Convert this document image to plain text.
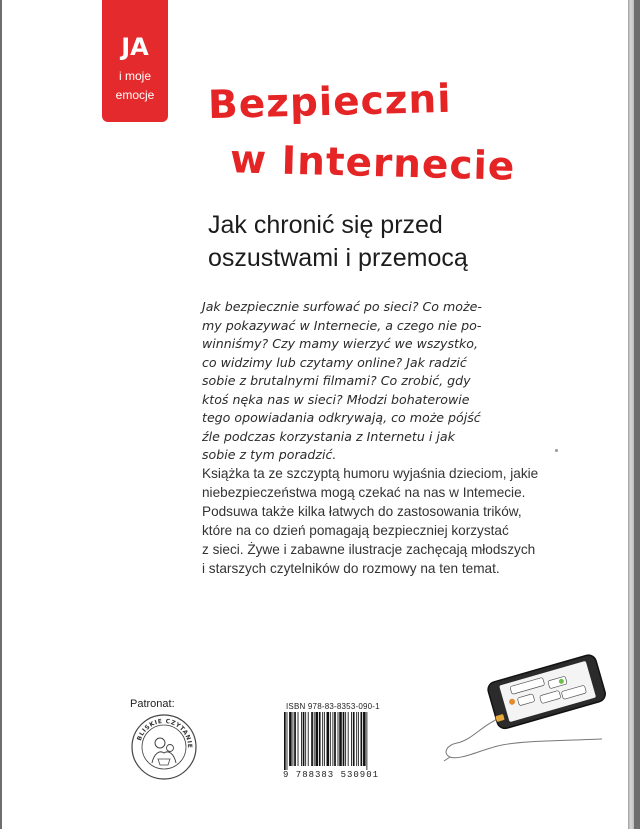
JA
i moje
emocje	Bezpieczni
w Internecie
Jak chronić się przed
oszustwami i przemocą
Jak bezpiecznie surfować po sieci? Co może-
my pokazywać w Internecie, a czego nie po-
winniśmy? Czy mamy wierzyć we wszystko,
co widzimy lub czytamy online? Jak radzić
sobie z brutalnymi filmami? Co zrobić, gdy
ktoś nęka nas w sieci? Młodzi bohaterowie
tego opowiadania odkrywają, co może pójść
źle podczas korzystania z Internetu i jak
sobie z tym poradzić.
Książka ta ze szczyptą humoru wyjaśnia dzieciom, jakie
niebezpieczeństwa mogą czekać na nas w Intemecie.
Podsuwa także kilka łatwych do zastosowania trików,
które na co dzień pomagają bezpieczniej korzystać
z sieci. Żywe i zabawne ilustracje zachęcają młodszych
i starszych czytelników do rozmowy na ten temat.
Patronat:
BLISKIE CZYTANIE
ISBN 978-83-8353-090-1
9 788383 530901
